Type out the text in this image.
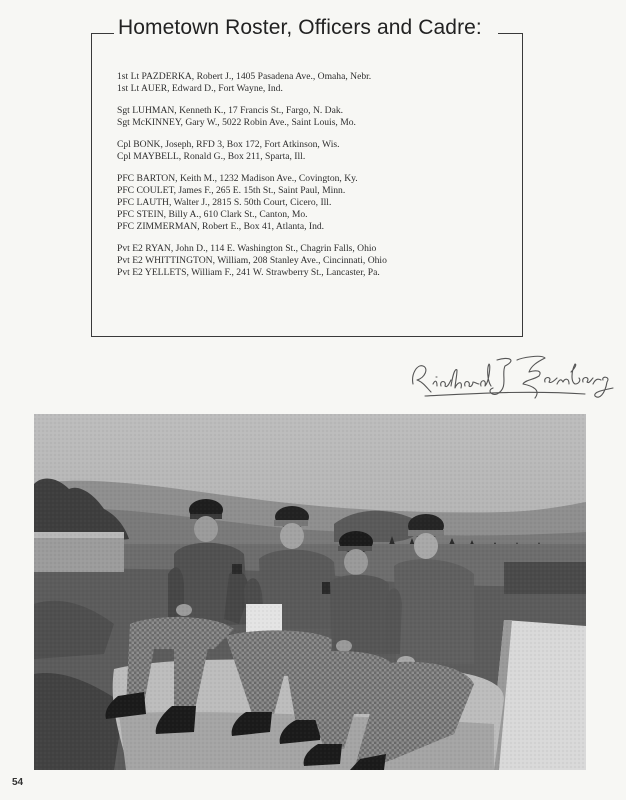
Hometown Roster, Officers and Cadre:
1st Lt PAZDERKA, Robert J., 1405 Pasadena Ave., Omaha, Nebr.
1st Lt AUER, Edward D., Fort Wayne, Ind.
Sgt LUHMAN, Kenneth K., 17 Francis St., Fargo, N. Dak.
Sgt McKINNEY, Gary W., 5022 Robin Ave., Saint Louis, Mo.
Cpl BONK, Joseph, RFD 3, Box 172, Fort Atkinson, Wis.
Cpl MAYBELL, Ronald G., Box 211, Sparta, Ill.
PFC BARTON, Keith M., 1232 Madison Ave., Covington, Ky.
PFC COULET, James F., 265 E. 15th St., Saint Paul, Minn.
PFC LAUTH, Walter J., 2815 S. 50th Court, Cicero, Ill.
PFC STEIN, Billy A., 610 Clark St., Canton, Mo.
PFC ZIMMERMAN, Robert E., Box 41, Atlanta, Ind.
Pvt E2 RYAN, John D., 114 E. Washington St., Chagrin Falls, Ohio
Pvt E2 WHITTINGTON, William, 208 Stanley Ave., Cincinnati, Ohio
Pvt E2 YELLETS, William F., 241 W. Strawberry St., Lancaster, Pa.
54
